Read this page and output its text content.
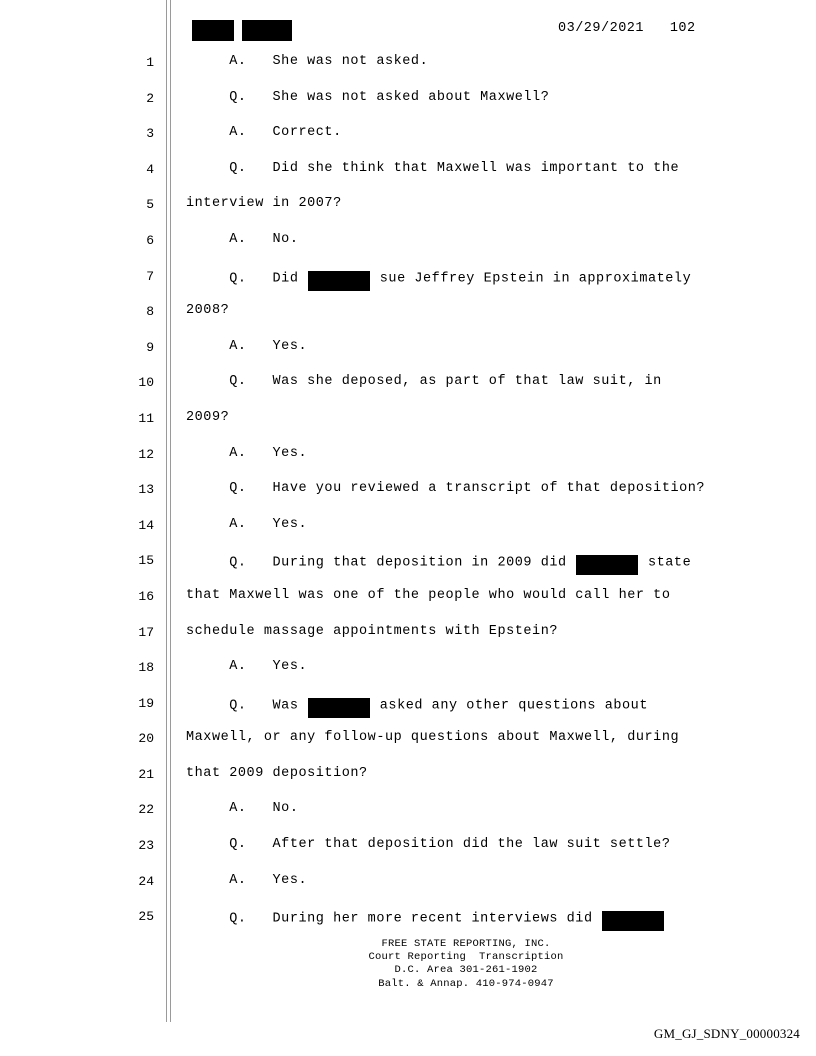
03/29/2021   102
1 A.   She was not asked.
2 Q.   She was not asked about Maxwell?
3 A.   Correct.
4 Q.   Did she think that Maxwell was important to the
5 interview in 2007?
6 A.   No.
7 Q.   Did	sue Jeffrey Epstein in approximately
8 2008?
9 A.   Yes.
10 Q.   Was she deposed, as part of that law suit, in
11 2009?
12 A.   Yes.
13 Q.   Have you reviewed a transcript of that deposition?
14 A.   Yes.
15 Q.   During that deposition in 2009 did	state
16 that Maxwell was one of the people who would call her to
17 schedule massage appointments with Epstein?
18 A.   Yes.
19 Q.   Was	asked any other questions about
20 Maxwell, or any follow-up questions about Maxwell, during
21 that 2009 deposition?
22 A.   No.
23 Q.   After that deposition did the law suit settle?
24 A.   Yes.
25 Q.   During her more recent interviews did
FREE STATE REPORTING, INC.
Court Reporting  Transcription
D.C. Area 301-261-1902
Balt. & Annap. 410-974-0947
GM_GJ_SDNY_00000324
